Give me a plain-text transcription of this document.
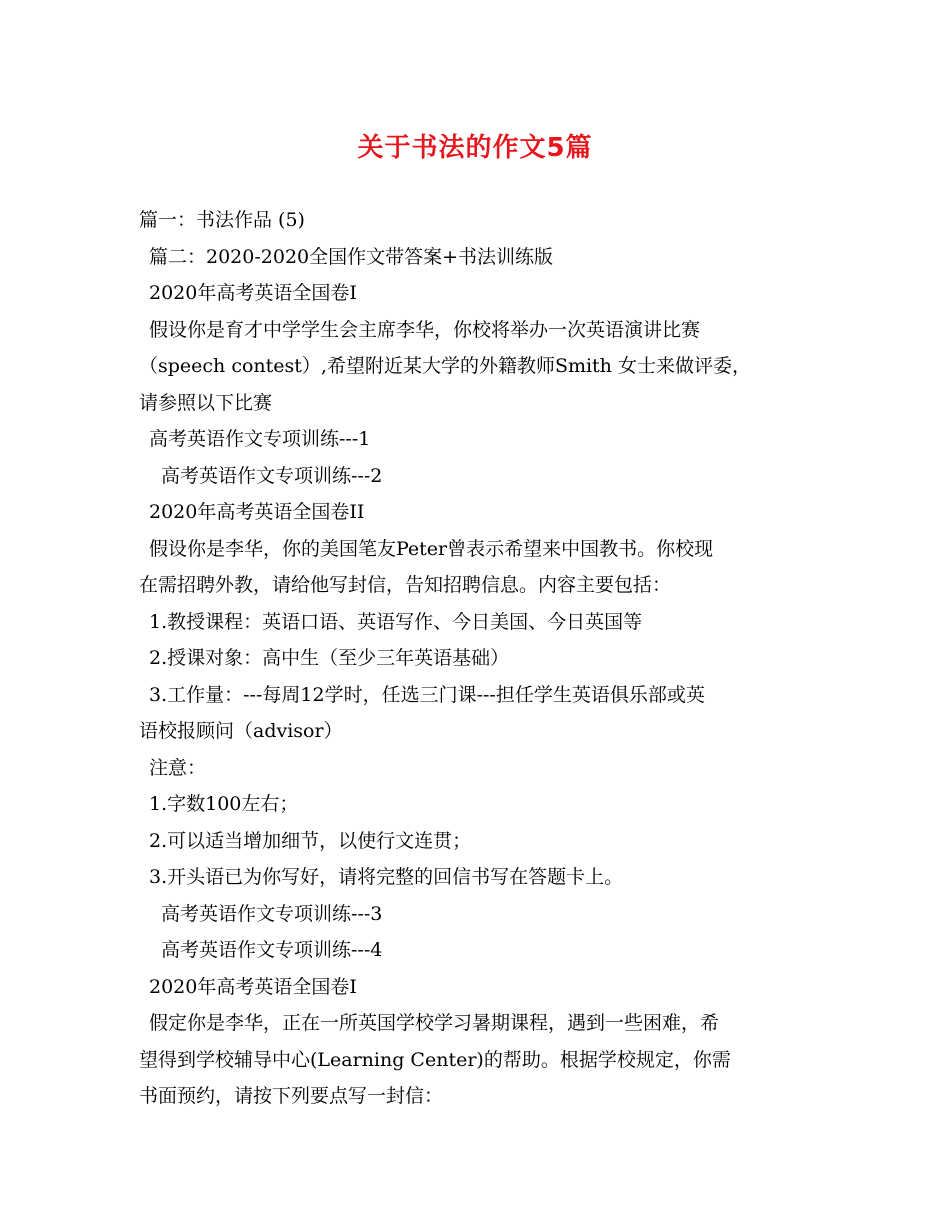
关于书法的作文5篇
篇一：书法作品 (5)
篇二：2020-2020全国作文带答案+书法训练版
2020年高考英语全国卷I
假设你是育才中学学生会主席李华，你校将举办一次英语演讲比赛
（speech contest）,希望附近某大学的外籍教师Smith 女士来做评委，
请参照以下比赛
高考英语作文专项训练---1
高考英语作文专项训练---2
2020年高考英语全国卷II
假设你是李华，你的美国笔友Peter曾表示希望来中国教书。你校现
在需招聘外教，请给他写封信，告知招聘信息。内容主要包括：
1.教授课程：英语口语、英语写作、今日美国、今日英国等
2.授课对象：高中生（至少三年英语基础）
3.工作量：---每周12学时，任选三门课---担任学生英语俱乐部或英
语校报顾问（advisor）
注意：
1.字数100左右；
2.可以适当增加细节，以使行文连贯；
3.开头语已为你写好，请将完整的回信书写在答题卡上。
高考英语作文专项训练---3
高考英语作文专项训练---4
2020年高考英语全国卷I
假定你是李华，正在一所英国学校学习暑期课程，遇到一些困难，希
望得到学校辅导中心(Learning Center)的帮助。根据学校规定，你需
书面预约，请按下列要点写一封信：
